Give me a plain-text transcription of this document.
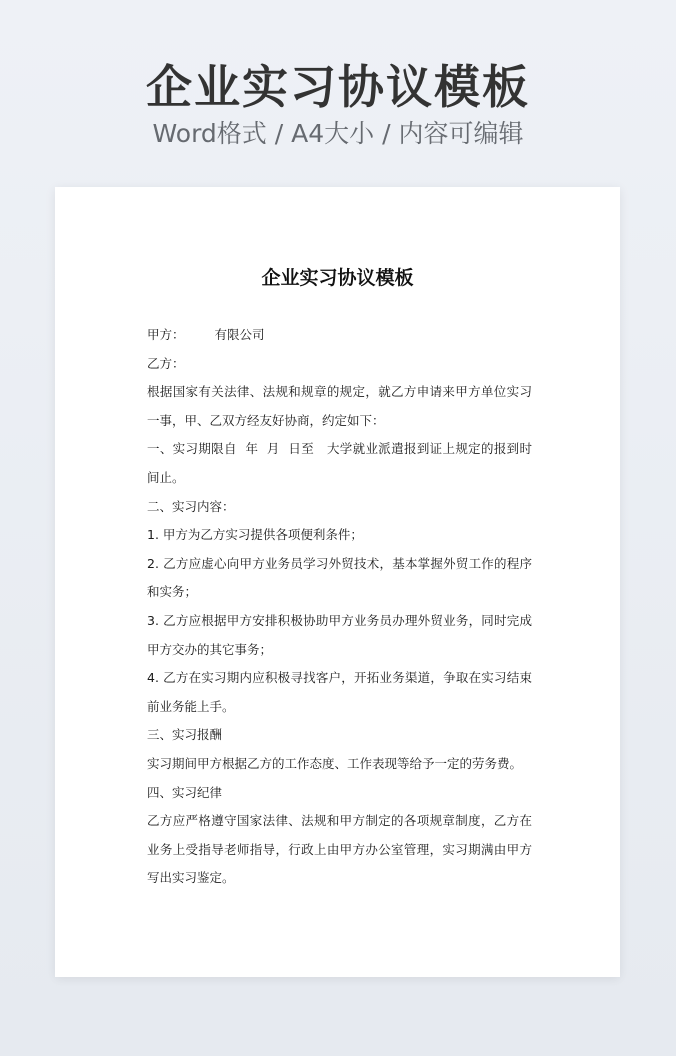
企业实习协议模板
Word格式 / A4大小 / 内容可编辑
企业实习协议模板

甲方： 有限公司

乙方：

根据国家有关法律、法规和规章的规定，就乙方申请来甲方单位实习一事，甲、乙双方经友好协商，约定如下：

一、实习期限自  年  月  日至   大学就业派遣报到证上规定的报到时间止。

二、实习内容：

1. 甲方为乙方实习提供各项便利条件；

2. 乙方应虚心向甲方业务员学习外贸技术，基本掌握外贸工作的程序和实务；

3. 乙方应根据甲方安排积极协助甲方业务员办理外贸业务，同时完成甲方交办的其它事务；

4. 乙方在实习期内应积极寻找客户，开拓业务渠道，争取在实习结束前业务能上手。

三、实习报酬

实习期间甲方根据乙方的工作态度、工作表现等给予一定的劳务费。

四、实习纪律

乙方应严格遵守国家法律、法规和甲方制定的各项规章制度，乙方在业务上受指导老师指导，行政上由甲方办公室管理，实习期满由甲方写出实习鉴定。
